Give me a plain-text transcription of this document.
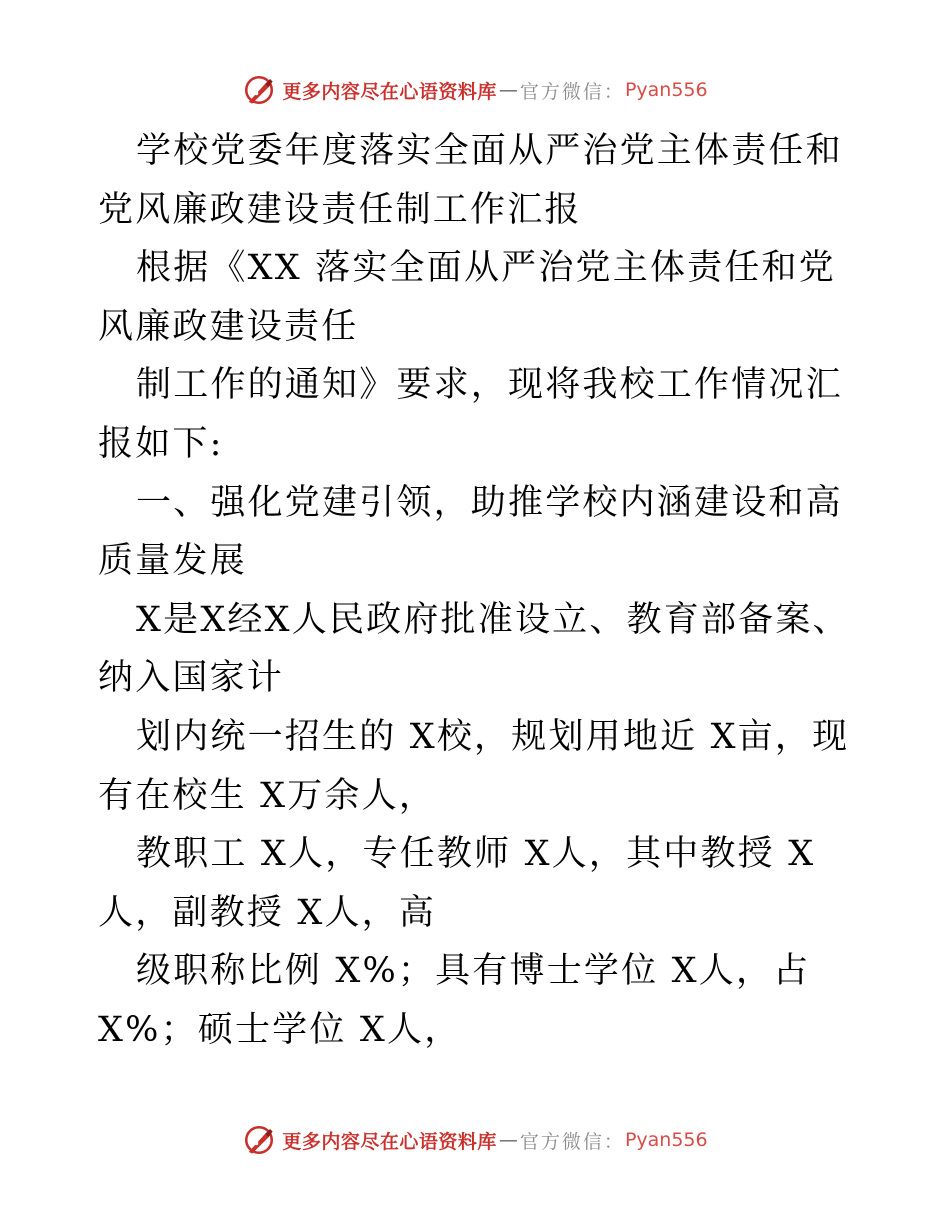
更多内容尽在心语资料库 — 官方微信： Pyan556

学校党委年度落实全面从严治党主体责任和党风廉政建设责任制工作汇报

根据《XX 落实全面从严治党主体责任和党风廉政建设责任

制工作的通知》要求，现将我校工作情况汇报如下:

一、强化党建引领，助推学校内涵建设和高质量发展

X是X经X人民政府批准设立、教育部备案、纳入国家计

划内统一招生的 X校，规划用地近 X亩，现有在校生 X万余人，

教职工 X人，专任教师 X人，其中教授 X人，副教授 X人，高

级职称比例 X%；具有博士学位 X人，占X%；硕士学位 X人，

更多内容尽在心语资料库 — 官方微信： Pyan556
